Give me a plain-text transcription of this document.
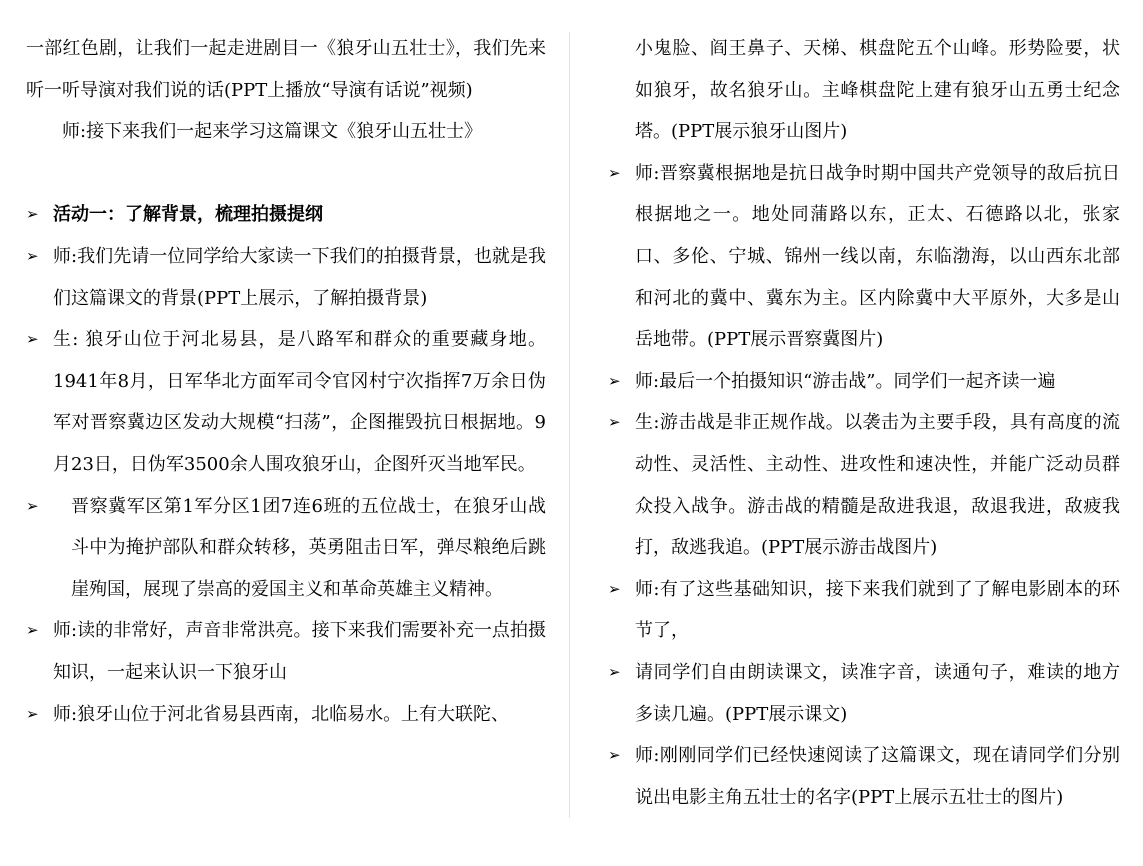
一部红色剧，让我们一起走进剧目一《狼牙山五壮士》，我们先来听一听导演对我们说的话(PPT上播放“导演有话说”视频)

师:接下来我们一起来学习这篇课文《狼牙山五壮士》

➢ 活动一：了解背景，梳理拍摄提纲

➢ 师:我们先请一位同学给大家读一下我们的拍摄背景，也就是我们这篇课文的背景(PPT上展示，了解拍摄背景)

➢ 生: 狼牙山位于河北易县，是八路军和群众的重要藏身地。1941年8月，日军华北方面军司令官冈村宁次指挥7万余日伪军对晋察冀边区发动大规模“扫荡”，企图摧毁抗日根据地。9月23日，日伪军3500余人围攻狼牙山，企图歼灭当地军民。

➢	晋察冀军区第1军分区1团7连6班的五位战士，在狼牙山战斗中为掩护部队和群众转移，英勇阻击日军，弹尽粮绝后跳崖殉国，展现了崇高的爱国主义和革命英雄主义精神。

➢ 师:读的非常好，声音非常洪亮。接下来我们需要补充一点拍摄知识，一起来认识一下狼牙山

➢ 师:狼牙山位于河北省易县西南，北临易水。上有大联陀、

小鬼脸、阎王鼻子、天梯、棋盘陀五个山峰。形势险要，状如狼牙，故名狼牙山。主峰棋盘陀上建有狼牙山五勇士纪念塔。(PPT展示狼牙山图片)

➢ 师:晋察冀根据地是抗日战争时期中国共产党领导的敌后抗日根据地之一。地处同蒲路以东，正太、石德路以北，张家口、多伦、宁城、锦州一线以南，东临渤海，以山西东北部和河北的冀中、冀东为主。区内除冀中大平原外，大多是山岳地带。(PPT展示晋察冀图片)

➢ 师:最后一个拍摄知识“游击战”。同学们一起齐读一遍

➢ 生:游击战是非正规作战。以袭击为主要手段，具有高度的流动性、灵活性、主动性、进攻性和速决性，并能广泛动员群众投入战争。游击战的精髓是敌进我退，敌退我进，敌疲我打，敌逃我追。(PPT展示游击战图片)

➢ 师:有了这些基础知识，接下来我们就到了了解电影剧本的环节了，

➢ 请同学们自由朗读课文，读准字音，读通句子，难读的地方多读几遍。(PPT展示课文)

➢ 师:刚刚同学们已经快速阅读了这篇课文，现在请同学们分别说出电影主角五壮士的名字(PPT上展示五壮士的图片)
